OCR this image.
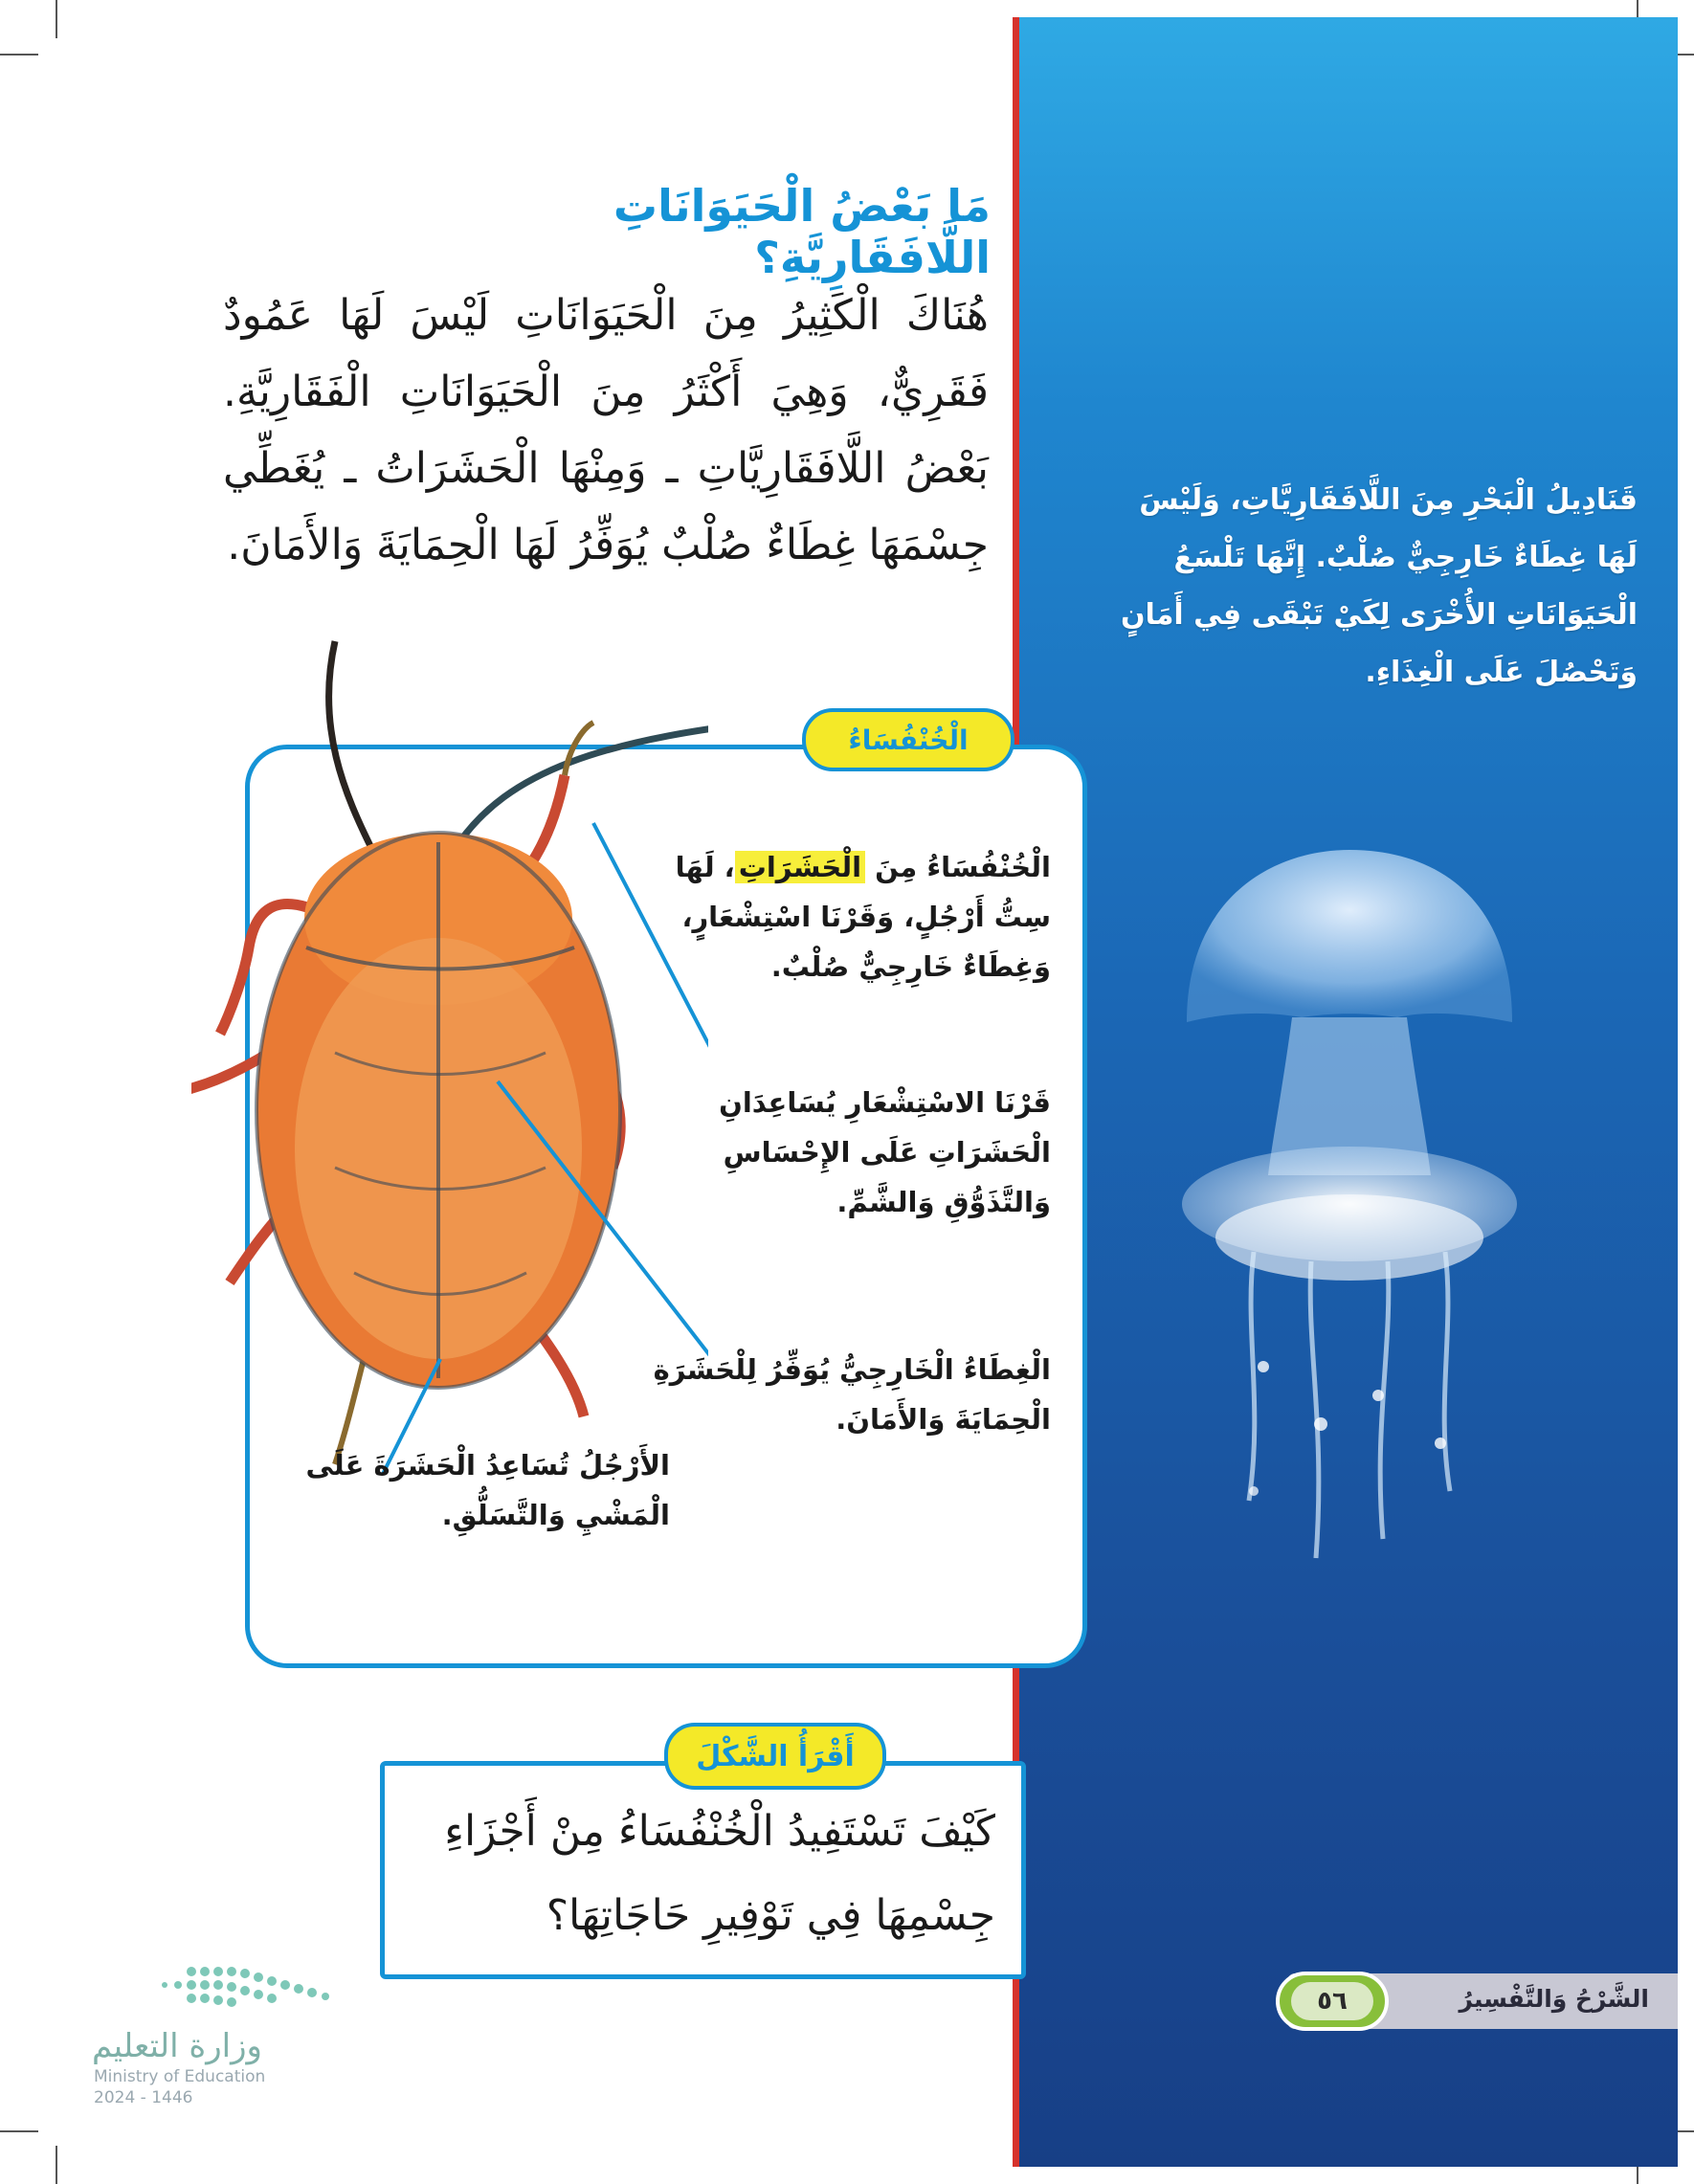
قَنَادِيلُ الْبَحْرِ مِنَ اللَّافَقَارِيَّاتِ، وَلَيْسَ لَهَا غِطَاءٌ خَارِجِيٌّ صُلْبٌ. إِنَّهَا تَلْسَعُ الْحَيَوَانَاتِ الأُخْرَى لِكَيْ تَبْقَى فِي أَمَانٍ وَتَحْصُلَ عَلَى الْغِذَاءِ.

الشَّرْحُ وَالتَّفْسِيرُ
٥٦
مَا بَعْضُ الْحَيَوَانَاتِ اللَّافَقَارِيَّةِ؟

هُنَاكَ الْكَثِيرُ مِنَ الْحَيَوَانَاتِ لَيْسَ لَهَا عَمُودٌ فَقَرِيٌّ، وَهِيَ أَكْثَرُ مِنَ الْحَيَوَانَاتِ الْفَقَارِيَّةِ. بَعْضُ اللَّافَقَارِيَّاتِ ـ وَمِنْهَا الْحَشَرَاتُ ـ يُغَطِّي جِسْمَهَا غِطَاءٌ صُلْبٌ يُوَفِّرُ لَهَا الْحِمَايَةَ وَالأَمَانَ.

الْخُنْفُسَاءُ
الْخُنْفُسَاءُ مِنَ الْحَشَرَاتِ، لَهَا سِتُّ أَرْجُلٍ، وَقَرْنَا اسْتِشْعَارٍ، وَغِطَاءٌ خَارِجِيٌّ صُلْبٌ.
قَرْنَا الاسْتِشْعَارِ يُسَاعِدَانِ الْحَشَرَاتِ عَلَى الإِحْسَاسِ وَالتَّذَوُّقِ وَالشَّمِّ.
الْغِطَاءُ الْخَارِجِيُّ يُوَفِّرُ لِلْحَشَرَةِ الْحِمَايَةَ وَالأَمَانَ.
الأَرْجُلُ تُسَاعِدُ الْحَشَرَةَ عَلَى الْمَشْيِ وَالتَّسَلُّقِ.
أَقْرَأُ الشَّكْلَ

كَيْفَ تَسْتَفِيدُ الْخُنْفُسَاءُ مِنْ أَجْزَاءِ جِسْمِهَا فِي تَوْفِيرِ حَاجَاتِهَا؟

وزارة التعليم
Ministry of Education
2024 - 1446
